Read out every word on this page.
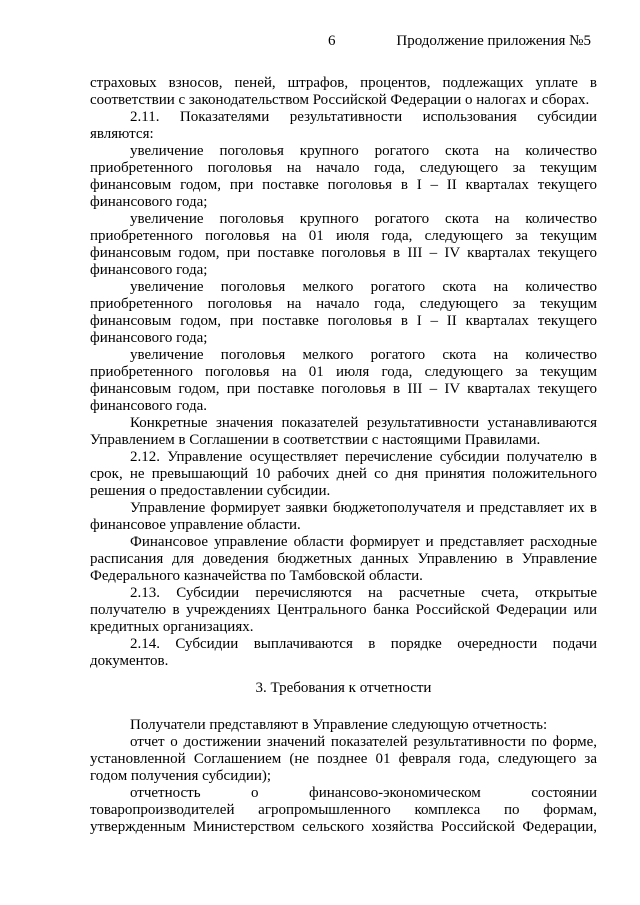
6	Продолжение приложения №5

страховых взносов, пеней, штрафов, процентов, подлежащих уплате в соответствии с законодательством Российской Федерации о налогах и сборах.

2.11. Показателями результативности использования субсидии являются:

увеличение поголовья крупного рогатого скота на количество приобретенного поголовья на начало года, следующего за текущим финансовым годом, при поставке поголовья в I – II кварталах текущего финансового года;

увеличение поголовья крупного рогатого скота на количество приобретенного поголовья на 01 июля года, следующего за текущим финансовым годом, при поставке поголовья в III – IV кварталах текущего финансового года;

увеличение поголовья мелкого рогатого скота на количество приобретенного поголовья на начало года, следующего за текущим финансовым годом, при поставке поголовья в I – II кварталах текущего финансового года;

увеличение поголовья мелкого рогатого скота на количество приобретенного поголовья на 01 июля года, следующего за текущим финансовым годом, при поставке поголовья в III – IV кварталах текущего финансового года.

Конкретные значения показателей результативности устанавливаются Управлением в Соглашении в соответствии с настоящими Правилами.

2.12. Управление осуществляет перечисление субсидии получателю в срок, не превышающий 10 рабочих дней со дня принятия положительного решения о предоставлении субсидии.

Управление формирует заявки бюджетополучателя и представляет их в финансовое управление области.

Финансовое управление области формирует и представляет расходные расписания для доведения бюджетных данных Управлению в Управление Федерального казначейства по Тамбовской области.

2.13. Субсидии перечисляются на расчетные счета, открытые получателю в учреждениях Центрального банка Российской Федерации или кредитных организациях.

2.14. Субсидии выплачиваются в порядке очередности подачи документов.

3. Требования к отчетности

Получатели представляют в Управление следующую отчетность:

отчет о достижении значений показателей результативности по форме, установленной Соглашением (не позднее 01 февраля года, следующего за годом получения субсидии);

отчетность о финансово-экономическом состоянии товаропроизводителей агропромышленного комплекса по формам, утвержденным Министерством сельского хозяйства Российской Федерации,
